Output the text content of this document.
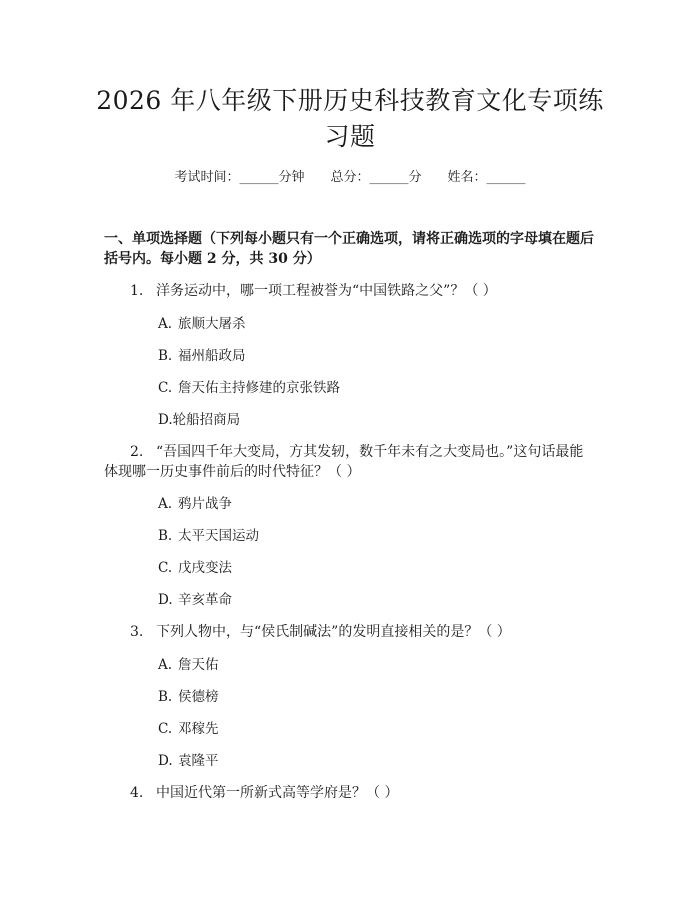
2026 年八年级下册历史科技教育文化专项练
习题
考试时间：______分钟 总分：______分 姓名：______
一、单项选择题（下列每小题只有一个正确选项，请将正确选项的字母填在题后
括号内。每小题 2 分，共 30 分）
1. 洋务运动中，哪一项工程被誉为“中国铁路之父”？（ ）
A. 旅顺大屠杀
B. 福州船政局
C. 詹天佑主持修建的京张铁路
D.轮船招商局
2. “吾国四千年大变局，方其发轫，数千年未有之大变局也。”这句话最能
体现哪一历史事件前后的时代特征？（ ）
A. 鸦片战争
B. 太平天国运动
C. 戊戌变法
D. 辛亥革命
3. 下列人物中，与“侯氏制碱法”的发明直接相关的是？（ ）
A. 詹天佑
B. 侯德榜
C. 邓稼先
D. 袁隆平
4. 中国近代第一所新式高等学府是？（ ）
